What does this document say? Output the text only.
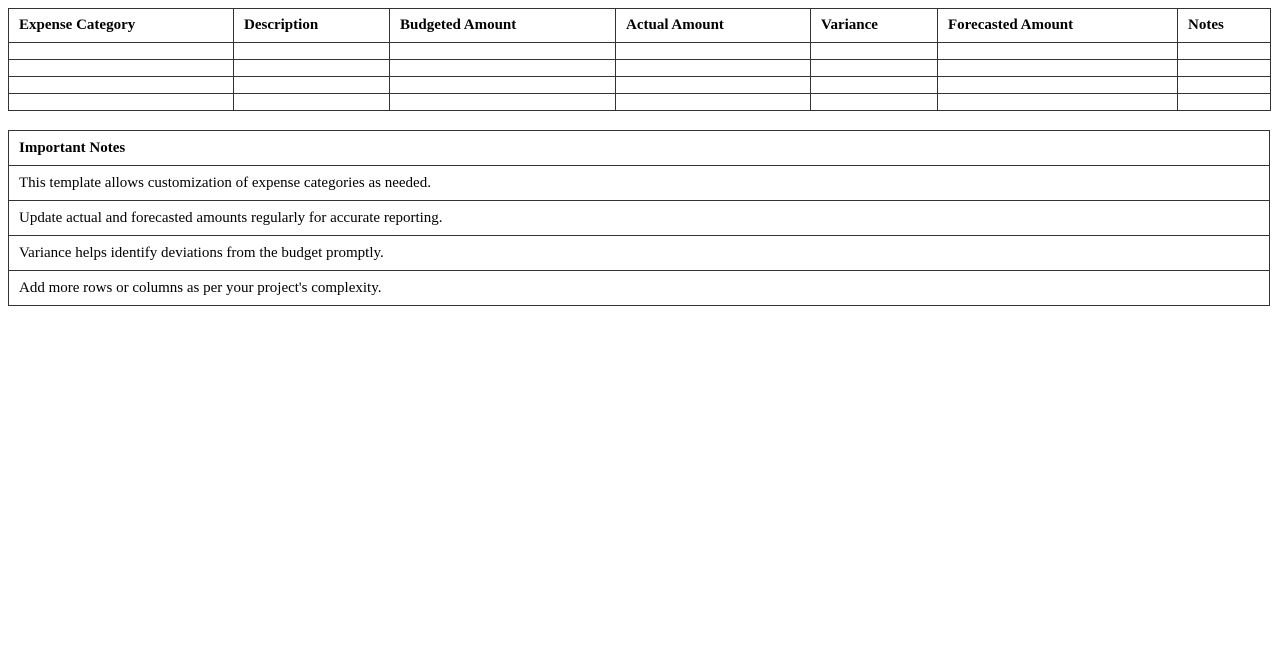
Expense Category	Description	Budgeted Amount	Actual Amount	Variance	Forecasted Amount	Notes

Important Notes
This template allows customization of expense categories as needed.
Update actual and forecasted amounts regularly for accurate reporting.
Variance helps identify deviations from the budget promptly.
Add more rows or columns as per your project's complexity.
